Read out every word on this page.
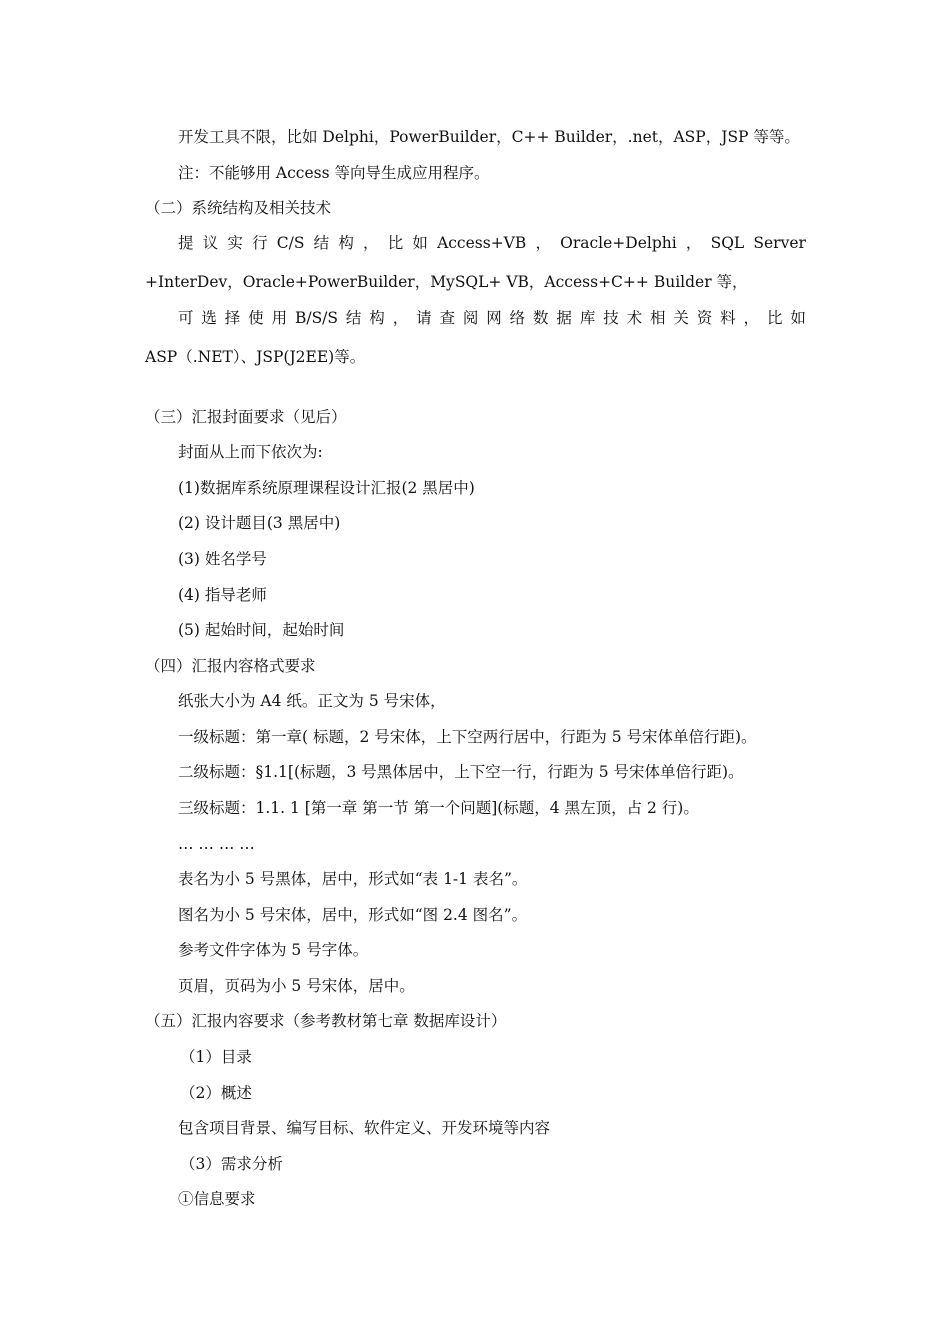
开发工具不限，比如 Delphi，PowerBuilder，C++ Builder，.net，ASP，JSP 等等。
注：不能够用 Access 等向导生成应用程序。
（二）系统结构及相关技术
提 议 实 行 C/S 结 构 ， 比 如 Access+VB ， Oracle+Delphi ， SQL Server
+InterDev，Oracle+PowerBuilder，MySQL+ VB，Access+C++ Builder 等，
可 选 择 使 用 B/S/S 结 构 ， 请 查 阅 网 络 数 据 库 技 术 相 关 资 料 ， 比 如
ASP（.NET）、JSP(J2EE)等。
（三）汇报封面要求（见后）
封面从上而下依次为:
(1)数据库系统原理课程设计汇报(2 黑居中)
(2) 设计题目(3 黑居中)
(3) 姓名学号
(4) 指导老师
(5) 起始时间，起始时间
（四）汇报内容格式要求
纸张大小为 A4 纸。正文为 5 号宋体，
一级标题：第一章( 标题，2 号宋体，上下空两行居中，行距为 5 号宋体单倍行距)。
二级标题：§1.1[(标题，3 号黑体居中，上下空一行，行距为 5 号宋体单倍行距)。
三级标题：1.1. 1 [第一章 第一节 第一个问题](标题，4 黑左顶，占 2 行)。
… … … …
表名为小 5 号黑体，居中，形式如“表 1-1 表名”。
图名为小 5 号宋体，居中，形式如“图 2.4 图名”。
参考文件字体为 5 号字体。
页眉，页码为小 5 号宋体，居中。
（五）汇报内容要求（参考教材第七章 数据库设计）
（1）目录
（2）概述
包含项目背景、编写目标、软件定义、开发环境等内容
（3）需求分析
①信息要求
